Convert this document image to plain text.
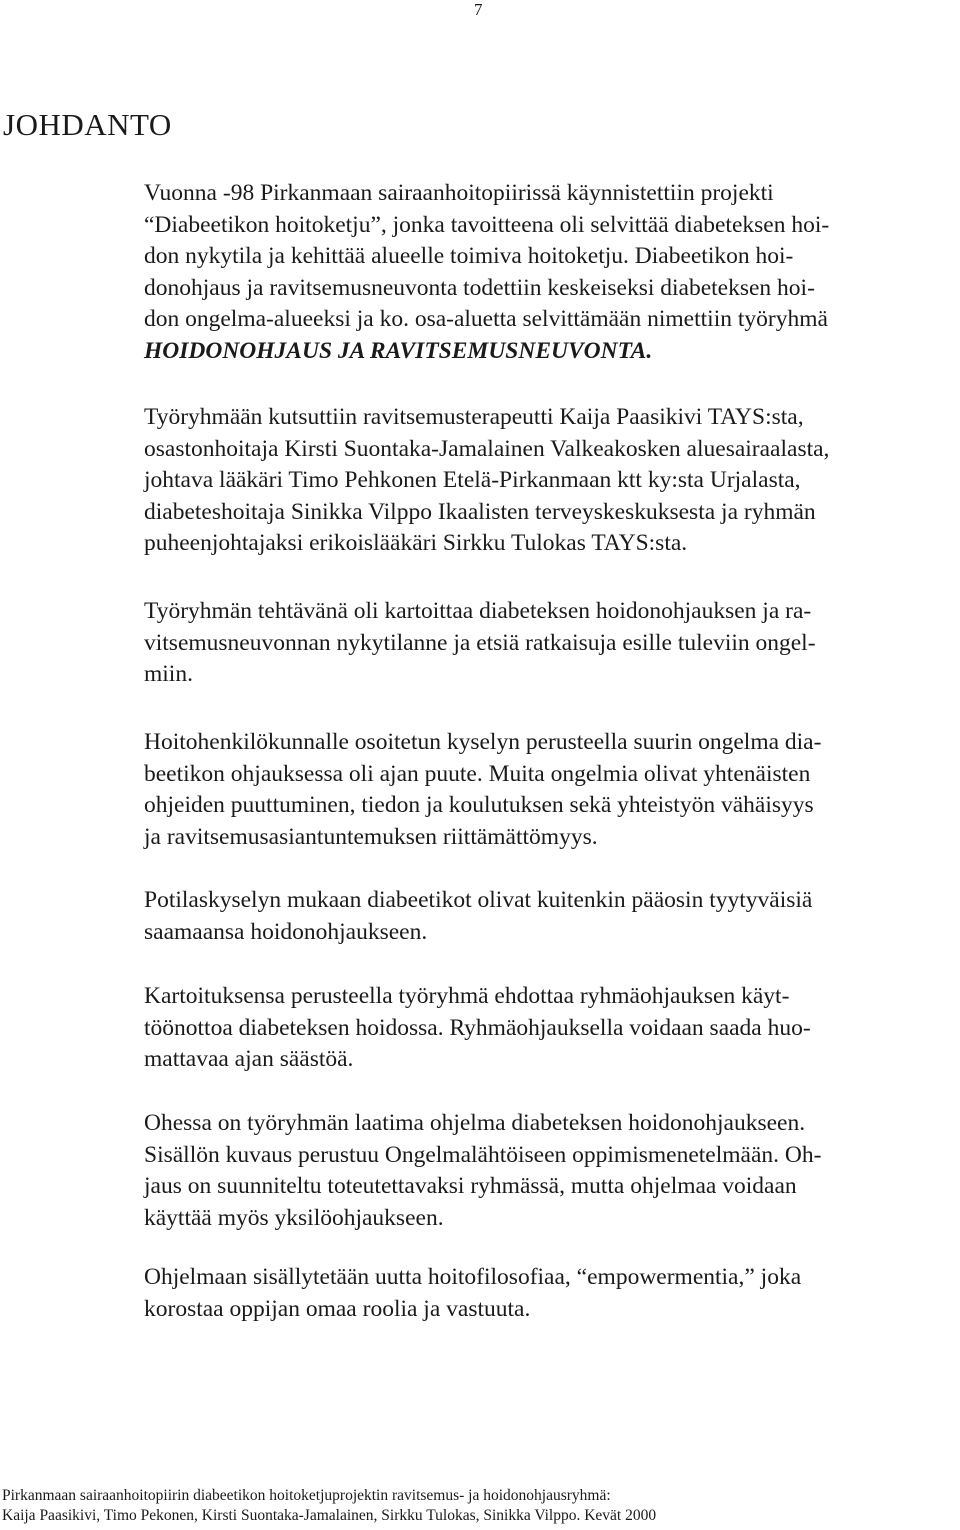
7
JOHDANTO
Vuonna -98 Pirkanmaan sairaanhoitopiirissä käynnistettiin projekti
“Diabeetikon hoitoketju”, jonka tavoitteena oli selvittää diabeteksen hoi-
don nykytila ja kehittää alueelle toimiva hoitoketju. Diabeetikon hoi-
donohjaus ja ravitsemusneuvonta todettiin keskeiseksi diabeteksen hoi-
don ongelma-alueeksi ja ko. osa-aluetta selvittämään nimettiin työryhmä
HOIDONOHJAUS JA RAVITSEMUSNEUVONTA.
Työryhmään kutsuttiin ravitsemusterapeutti Kaija Paasikivi TAYS:sta,
osastonhoitaja Kirsti Suontaka-Jamalainen Valkeakosken aluesairaalasta,
johtava lääkäri Timo Pehkonen Etelä-Pirkanmaan ktt ky:sta Urjalasta,
diabeteshoitaja Sinikka Vilppo Ikaalisten terveyskeskuksesta ja ryhmän
puheenjohtajaksi erikoislääkäri Sirkku Tulokas TAYS:sta.
Työryhmän tehtävänä oli kartoittaa diabeteksen hoidonohjauksen ja ra-
vitsemusneuvonnan nykytilanne ja etsiä ratkaisuja esille tuleviin ongel-
miin.
Hoitohenkilökunnalle osoitetun kyselyn perusteella suurin ongelma dia-
beetikon ohjauksessa oli ajan puute. Muita ongelmia olivat yhtenäisten
ohjeiden puuttuminen, tiedon ja koulutuksen sekä yhteistyön vähäisyys
ja ravitsemusasiantuntemuksen riittämättömyys.
Potilaskyselyn mukaan diabeetikot olivat kuitenkin pääosin tyytyväisiä
saamaansa hoidonohjaukseen.
Kartoituksensa perusteella työryhmä ehdottaa ryhmäohjauksen käyt-
töönottoa diabeteksen hoidossa. Ryhmäohjauksella voidaan saada huo-
mattavaa ajan säästöä.
Ohessa on työryhmän laatima ohjelma diabeteksen hoidonohjaukseen.
Sisällön kuvaus perustuu Ongelmalähtöiseen oppimismenetelmään. Oh-
jaus on suunniteltu toteutettavaksi ryhmässä, mutta ohjelmaa voidaan
käyttää myös yksilöohjaukseen.
Ohjelmaan sisällytetään uutta hoitofilosofiaa, “empowermentia,” joka
korostaa oppijan omaa roolia ja vastuuta.
Pirkanmaan sairaanhoitopiirin diabeetikon hoitoketjuprojektin ravitsemus- ja hoidonohjausryhmä:
Kaija Paasikivi, Timo Pekonen, Kirsti Suontaka-Jamalainen, Sirkku Tulokas, Sinikka Vilppo. Kevät 2000
